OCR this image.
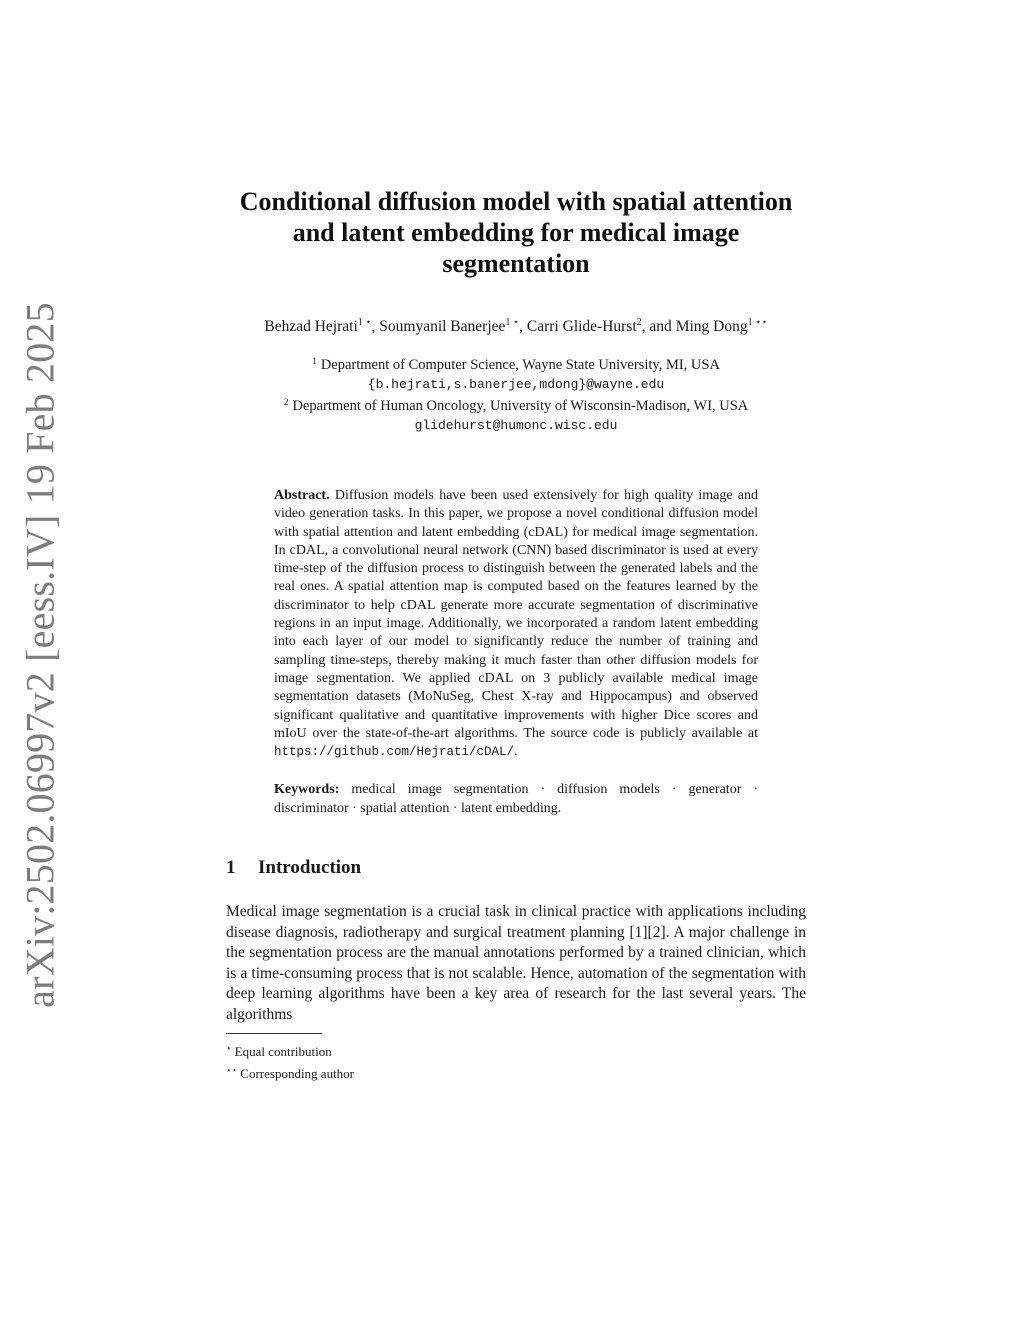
arXiv:2502.06997v2 [eess.IV] 19 Feb 2025
Conditional diffusion model with spatial attention and latent embedding for medical image segmentation
Behzad Hejrati$^{1 ⋆}$, Soumyanil Banerjee$^{1 ⋆}$, Carri Glide-Hurst$^2$, and Ming Dong$^{1 ⋆⋆}$
$^1$ Department of Computer Science, Wayne State University, MI, USA
{b.hejrati,s.banerjee,mdong}@wayne.edu
$^2$ Department of Human Oncology, University of Wisconsin-Madison, WI, USA
glidehurst@humonc.wisc.edu
Abstract. Diffusion models have been used extensively for high quality image and video generation tasks. In this paper, we propose a novel conditional diffusion model with spatial attention and latent embedding (cDAL) for medical image segmentation. In cDAL, a convolutional neural network (CNN) based discriminator is used at every time-step of the diffusion process to distinguish between the generated labels and the real ones. A spatial attention map is computed based on the features learned by the discriminator to help cDAL generate more accurate segmentation of discriminative regions in an input image. Additionally, we incorporated a random latent embedding into each layer of our model to significantly reduce the number of training and sampling time-steps, thereby making it much faster than other diffusion models for image segmentation. We applied cDAL on 3 publicly available medical image segmentation datasets (MoNuSeg, Chest X-ray and Hippocampus) and observed significant qualitative and quantitative improvements with higher Dice scores and mIoU over the state-of-the-art algorithms. The source code is publicly available at https://github.com/Hejrati/cDAL/.
Keywords: medical image segmentation · diffusion models · generator · discriminator · spatial attention · latent embedding.
1 Introduction
Medical image segmentation is a crucial task in clinical practice with applications including disease diagnosis, radiotherapy and surgical treatment planning [1][2]. A major challenge in the segmentation process are the manual annotations performed by a trained clinician, which is a time-consuming process that is not scalable. Hence, automation of the segmentation with deep learning algorithms have been a key area of research for the last several years. The algorithms
⋆ Equal contribution
⋆⋆ Corresponding author
